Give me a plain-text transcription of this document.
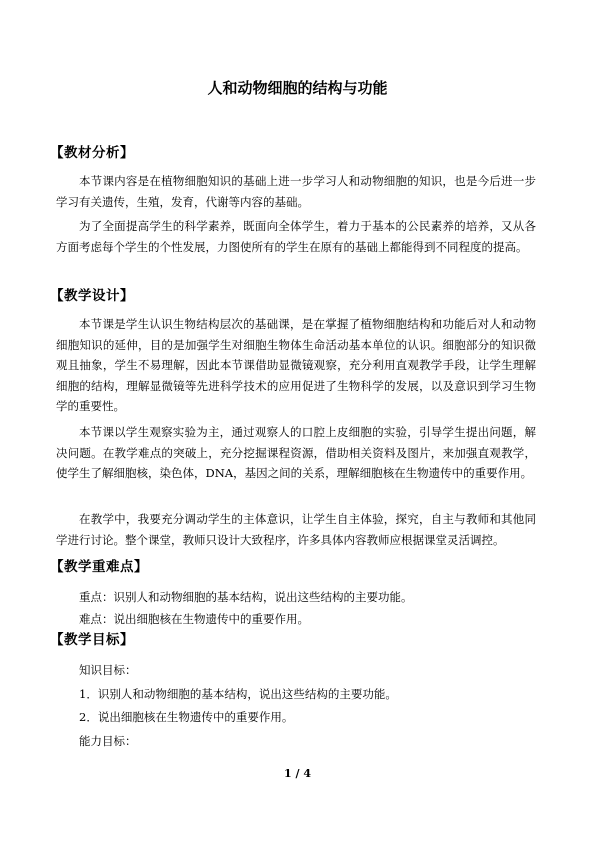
人和动物细胞的结构与功能
【教材分析】

本节课内容是在植物细胞知识的基础上进一步学习人和动物细胞的知识，也是今后进一步学习有关遗传，生殖，发育，代谢等内容的基础。

为了全面提高学生的科学素养，既面向全体学生，着力于基本的公民素养的培养，又从各方面考虑每个学生的个性发展，力图使所有的学生在原有的基础上都能得到不同程度的提高。

【教学设计】

本节课是学生认识生物结构层次的基础课，是在掌握了植物细胞结构和功能后对人和动物细胞知识的延伸，目的是加强学生对细胞生物体生命活动基本单位的认识。细胞部分的知识微观且抽象，学生不易理解，因此本节课借助显微镜观察，充分利用直观教学手段，让学生理解细胞的结构，理解显微镜等先进科学技术的应用促进了生物科学的发展，以及意识到学习生物学的重要性。

本节课以学生观察实验为主，通过观察人的口腔上皮细胞的实验，引导学生提出问题，解决问题。在教学难点的突破上，充分挖掘课程资源，借助相关资料及图片，来加强直观教学，使学生了解细胞核，染色体，DNA，基因之间的关系，理解细胞核在生物遗传中的重要作用。

在教学中，我要充分调动学生的主体意识，让学生自主体验，探究，自主与教师和其他同学进行讨论。整个课堂，教师只设计大致程序，许多具体内容教师应根据课堂灵活调控。

【教学重难点】
重点：识别人和动物细胞的基本结构，说出这些结构的主要功能。
难点：说出细胞核在生物遗传中的重要作用。
【教学目标】
知识目标：
1．识别人和动物细胞的基本结构，说出这些结构的主要功能。
2．说出细胞核在生物遗传中的重要作用。
能力目标：
1 / 4
